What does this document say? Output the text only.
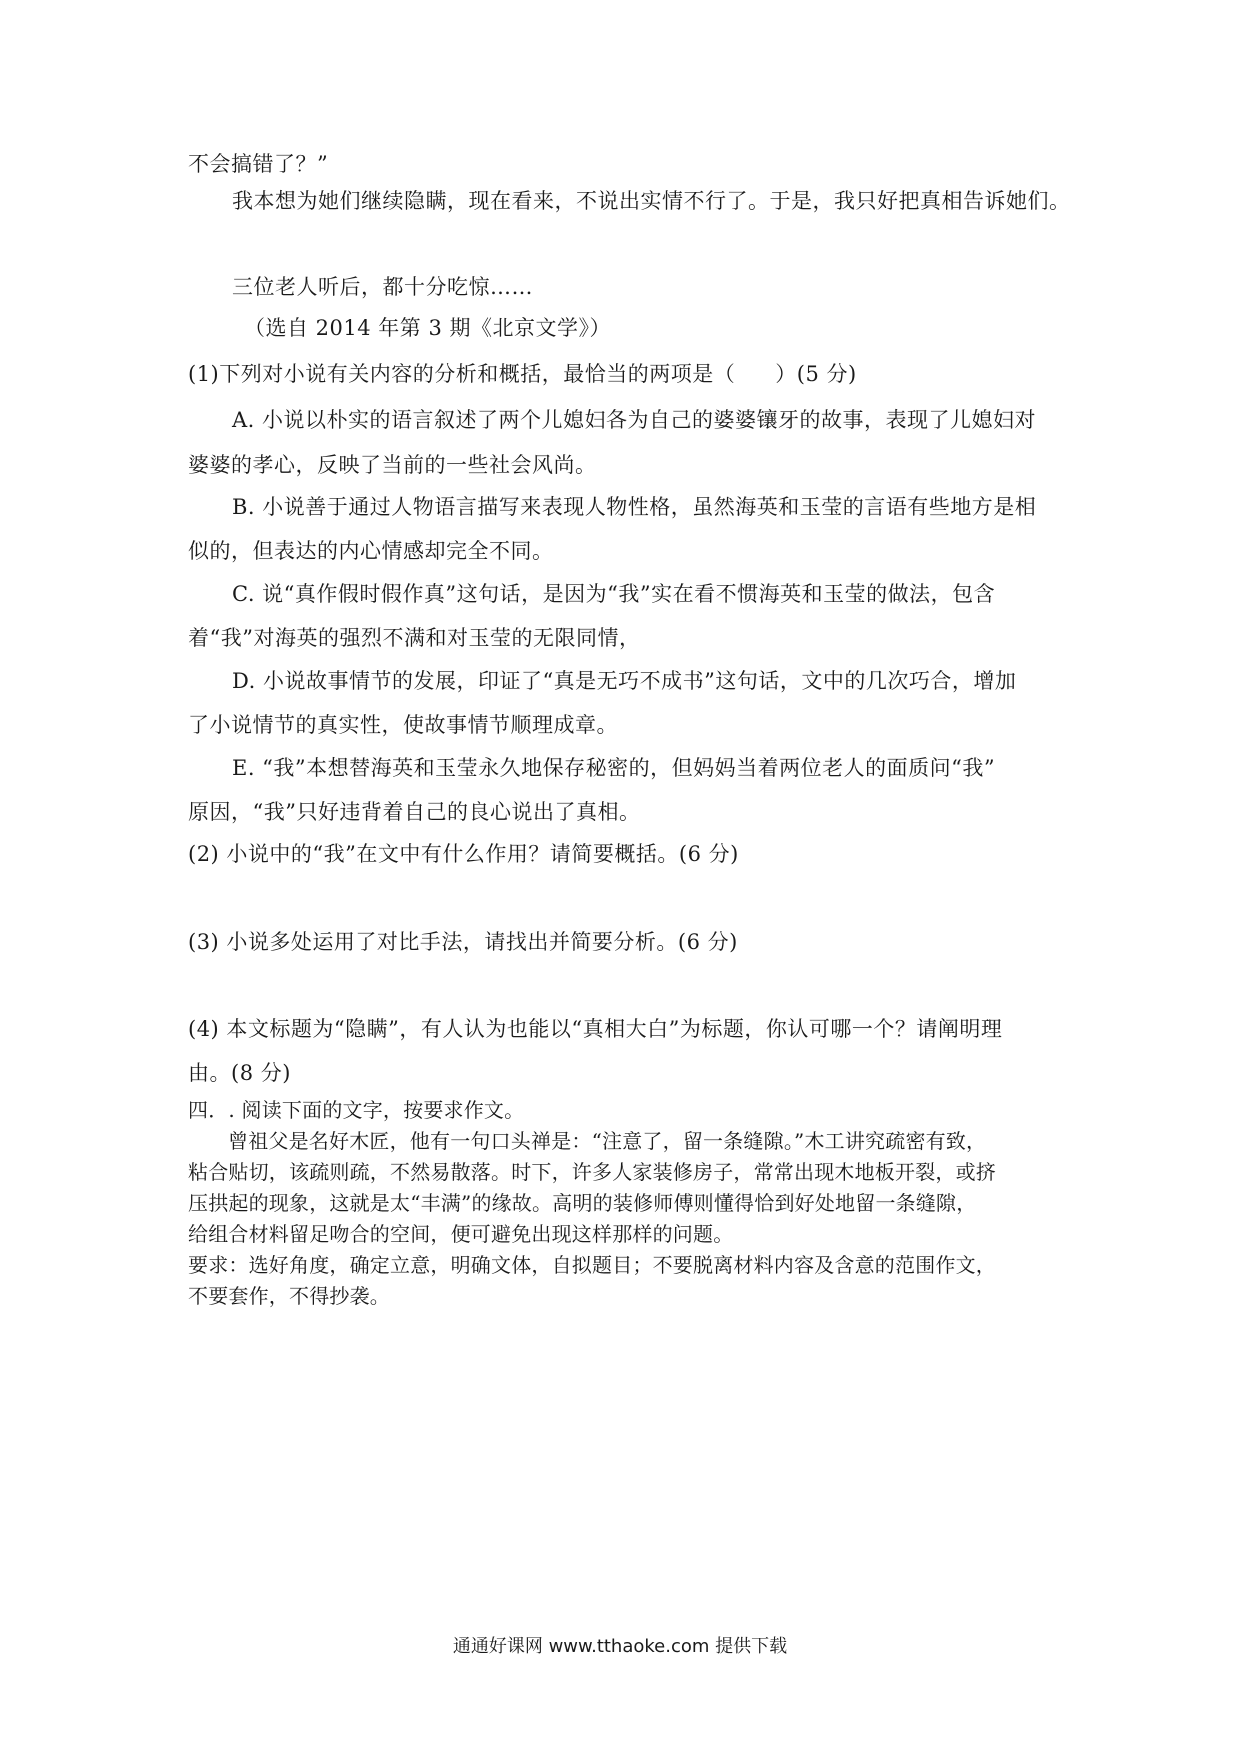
不会搞错了？”
我本想为她们继续隐瞒，现在看来，不说出实情不行了。于是，我只好把真相告诉她们。
三位老人听后，都十分吃惊……
（选自 2014 年第 3 期《北京文学》）
(1)下列对小说有关内容的分析和概括，最恰当的两项是（ ）(5 分)
A. 小说以朴实的语言叙述了两个儿媳妇各为自己的婆婆镶牙的故事，表现了儿媳妇对
婆婆的孝心，反映了当前的一些社会风尚。
B. 小说善于通过人物语言描写来表现人物性格，虽然海英和玉莹的言语有些地方是相
似的，但表达的内心情感却完全不同。
C. 说“真作假时假作真”这句话，是因为“我”实在看不惯海英和玉莹的做法，包含
着“我”对海英的强烈不满和对玉莹的无限同情，
D. 小说故事情节的发展，印证了“真是无巧不成书”这句话，文中的几次巧合，增加
了小说情节的真实性，使故事情节顺理成章。
E. “我”本想替海英和玉莹永久地保存秘密的，但妈妈当着两位老人的面质问“我”
原因，“我”只好违背着自己的良心说出了真相。
(2) 小说中的“我”在文中有什么作用？请简要概括。(6 分)
(3) 小说多处运用了对比手法，请找出并简要分析。(6 分)
(4) 本文标题为“隐瞒”，有人认为也能以“真相大白”为标题，你认可哪一个？请阐明理
由。(8 分)
四．. 阅读下面的文字，按要求作文。
曾祖父是名好木匠，他有一句口头禅是：“注意了，留一条缝隙。”木工讲究疏密有致，
粘合贴切，该疏则疏，不然易散落。时下，许多人家装修房子，常常出现木地板开裂，或挤
压拱起的现象，这就是太“丰满”的缘故。高明的装修师傅则懂得恰到好处地留一条缝隙，
给组合材料留足吻合的空间，便可避免出现这样那样的问题。
要求：选好角度，确定立意，明确文体，自拟题目；不要脱离材料内容及含意的范围作文，
不要套作，不得抄袭。
通通好课网 www.tthaoke.com 提供下载
